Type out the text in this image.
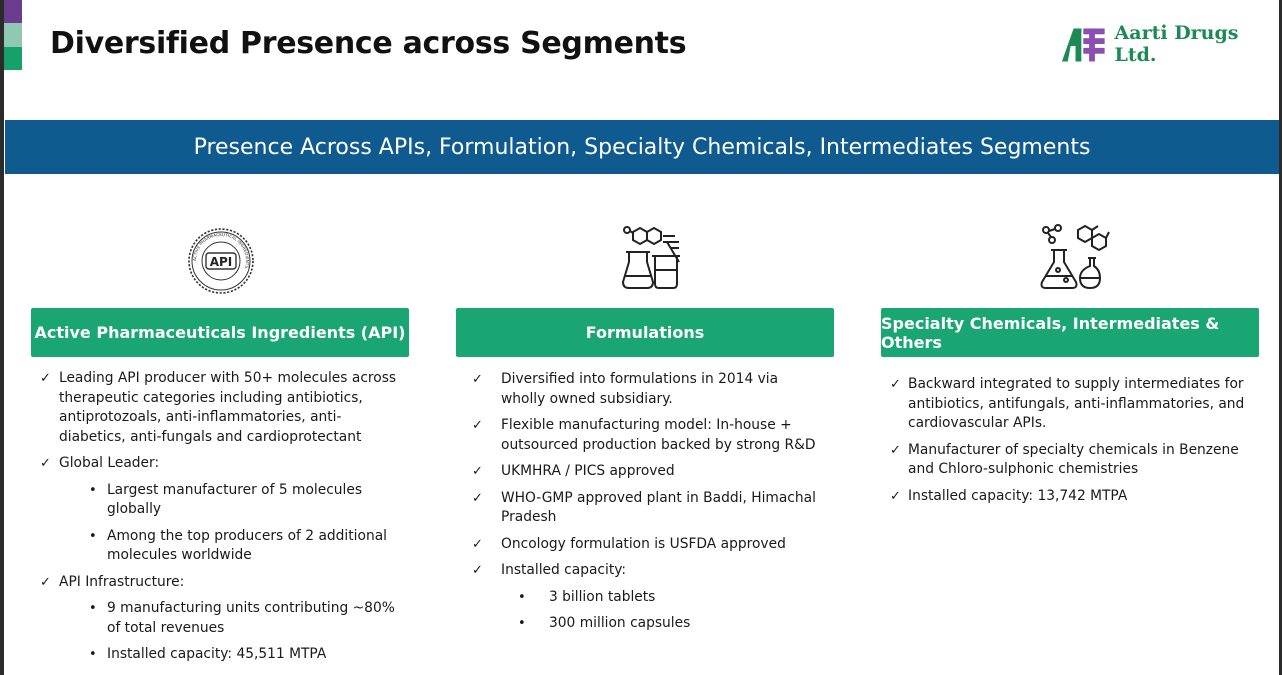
Diversified Presence across Segments	Aarti Drugs Ltd.
Presence Across APIs, Formulation, Specialty Chemicals, Intermediates Segments
ACTIVE PHARMACEUTICAL INGREDIENTS
API
Active Pharmaceuticals Ingredients (API)	Formulations	Specialty Chemicals, Intermediates & Others
✓ Leading API producer with 50+ molecules across therapeutic categories including antibiotics, antiprotozoals, anti-inflammatories, anti-diabetics, anti-fungals and cardioprotectant
✓ Global Leader:
• Largest manufacturer of 5 molecules globally
• Among the top producers of 2 additional molecules worldwide
✓ API Infrastructure:
• 9 manufacturing units contributing ~80% of total revenues
• Installed capacity: 45,511 MTPA
✓ Diversified into formulations in 2014 via wholly owned subsidiary.
✓ Flexible manufacturing model: In-house + outsourced production backed by strong R&D
✓ UKMHRA / PICS approved
✓ WHO-GMP approved plant in Baddi, Himachal Pradesh
✓ Oncology formulation is USFDA approved
✓ Installed capacity:
• 3 billion tablets
• 300 million capsules
✓ Backward integrated to supply intermediates for antibiotics, antifungals, anti-inflammatories, and cardiovascular APIs.
✓ Manufacturer of specialty chemicals in Benzene and Chloro-sulphonic chemistries
✓ Installed capacity: 13,742 MTPA
